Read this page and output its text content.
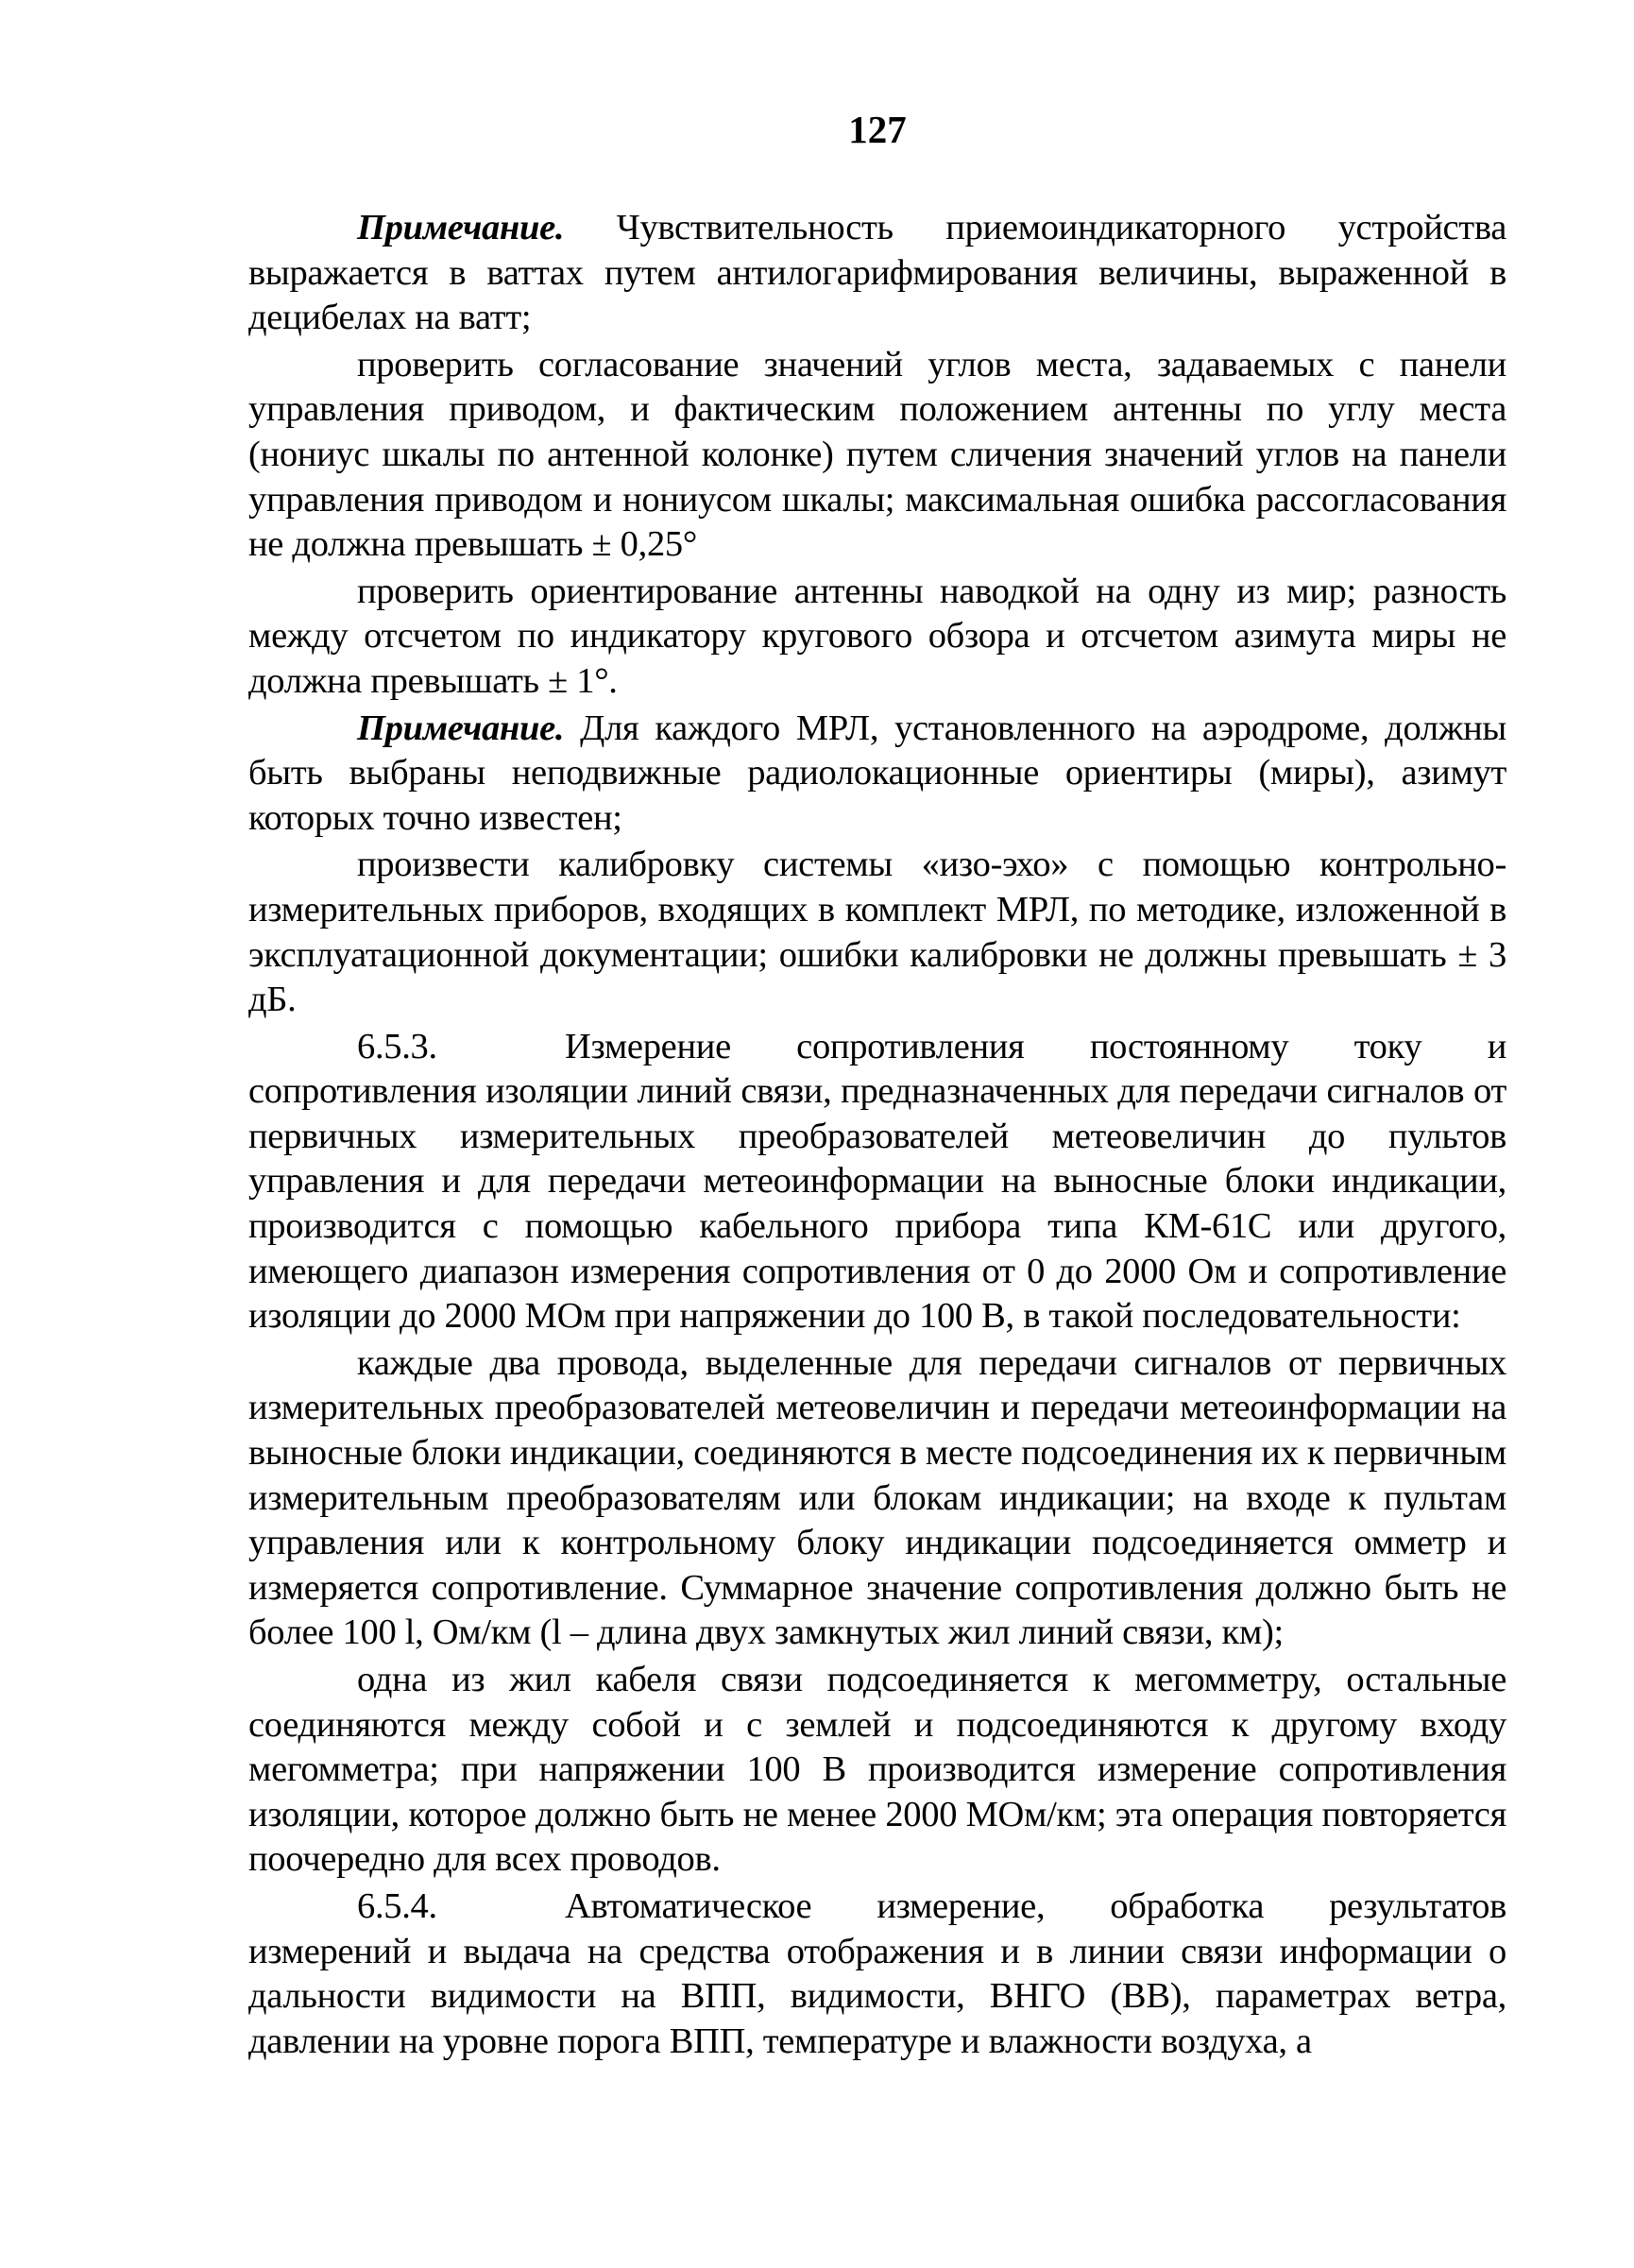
127

Примечание. Чувствительность приемоиндикаторного устройства выражается в ваттах путем антилогарифмирования величины, выраженной в децибелах на ватт;

проверить согласование значений углов места, задаваемых с панели управления приводом, и фактическим положением антенны по углу места (нониус шкалы по антенной колонке) путем сличения значений углов на панели управления приводом и нониусом шкалы; максимальная ошибка рассогласования не должна превышать ± 0,25°

проверить ориентирование антенны наводкой на одну из мир; разность между отсчетом по индикатору кругового обзора и отсчетом азимута миры не должна превышать ± 1°.

Примечание. Для каждого МРЛ, установленного на аэродроме, должны быть выбраны неподвижные радиолокационные ориентиры (миры), азимут которых точно известен;

произвести калибровку системы «изо-эхо» с помощью контрольно-измерительных приборов, входящих в комплект МРЛ, по методике, изложенной в эксплуатационной документации; ошибки калибровки не должны превышать ± 3 дБ.

6.5.3.	Измерение сопротивления постоянному току и сопротивления изоляции линий связи, предназначенных для передачи сигналов от первичных измерительных преобразователей метеовеличин до пультов управления и для передачи метеоинформации на выносные блоки индикации, производится с помощью кабельного прибора типа КМ-61С или другого, имеющего диапазон измерения сопротивления от 0 до 2000 Ом и сопротивление изоляции до 2000 МОм при напряжении до 100 В, в такой последовательности:

каждые два провода, выделенные для передачи сигналов от первичных измерительных преобразователей метеовеличин и передачи метеоинформации на выносные блоки индикации, соединяются в месте подсоединения их к первичным измерительным преобразователям или блокам индикации; на входе к пультам управления или к контрольному блоку индикации подсоединяется омметр и измеряется сопротивление. Суммарное значение сопротивления должно быть не более 100 l, Ом/км (l – длина двух замкнутых жил линий связи, км);

одна из жил кабеля связи подсоединяется к мегомметру, остальные соединяются между собой и с землей и подсоединяются к другому входу мегомметра; при напряжении 100 В производится измерение сопротивления изоляции, которое должно быть не менее 2000 МОм/км; эта операция повторяется поочередно для всех проводов.

6.5.4.	Автоматическое измерение, обработка результатов измерений и выдача на средства отображения и в линии связи информации о дальности видимости на ВПП, видимости, ВНГО (ВВ), параметрах ветра, давлении на уровне порога ВПП, температуре и влажности воздуха, а
